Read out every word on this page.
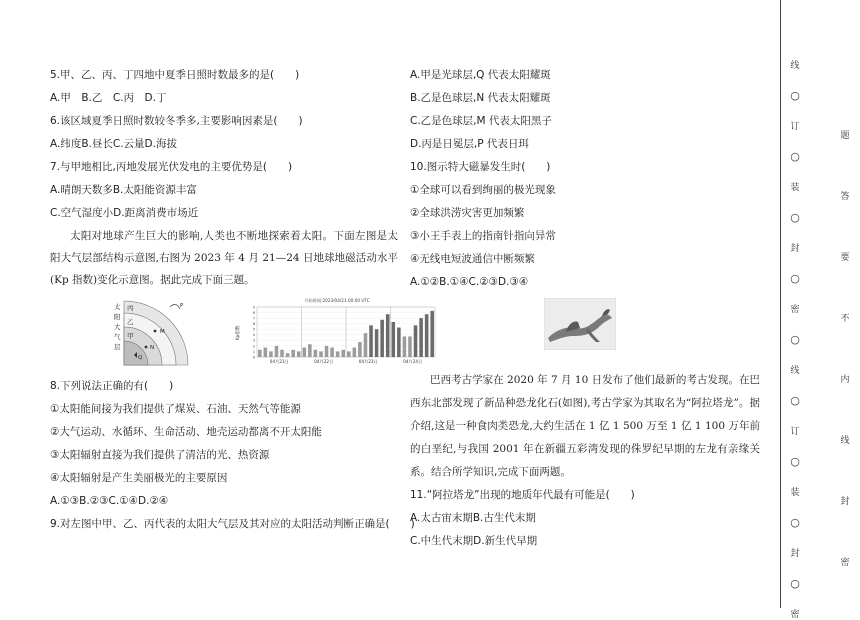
5.甲、乙、丙、丁四地中夏季日照时数最多的是(　　)
A.甲　B.乙　C.丙　D.丁
6.该区域夏季日照时数较冬季多,主要影响因素是(　　)
A.纬度B.昼长C.云量D.海拔
7.与甲地相比,丙地发展光伏发电的主要优势是(　　)
A.晴朗天数多B.太阳能资源丰富
C.空气湿度小D.距离消费市场近
太阳对地球产生巨大的影响,人类也不断地探索着太阳。下面左图是太阳大气层部结构示意图,右图为 2023 年 4 月 21—24 日地球地磁活动水平(Kp 指数)变化示意图。据此完成下面三题。
太
阳
大
气
层
丙
乙
甲
P
M
N
Q
开始时间:2023/04/21 00:00 UTC
Kp指数
9
8
7
6
5
4
3
2
1
0
04月21日	04月22日	04月23日	04月24日
8.下列说法正确的有(　　)
①太阳能间接为我们提供了煤炭、石油、天然气等能源
②大气运动、水循环、生命活动、地壳运动都离不开太阳能
③太阳辐射直接为我们提供了清洁的光、热资源
④太阳辐射是产生美丽极光的主要原因
A.①③B.②③C.①④D.②④
9.对左图中甲、乙、丙代表的太阳大气层及其对应的太阳活动判断正确是(　　)
A.甲是光球层,Q 代表太阳耀斑
B.乙是色球层,N 代表太阳耀斑
C.乙是色球层,M 代表太阳黑子
D.丙是日冕层,P 代表日珥
10.图示特大磁暴发生时(　　)
①全球可以看到绚丽的极光现象
②全球洪涝灾害更加频繁
③小王手表上的指南针指向异常
④无线电短波通信中断频繁
A.①②B.①④C.②③D.③④
巴西考古学家在 2020 年 7 月 10 日发布了他们最新的考古发现。在巴西东北部发现了新品种恐龙化石(如图),考古学家为其取名为“阿拉塔龙”。据介绍,这是一种食肉类恐龙,大约生活在 1 亿 1 500 万至 1 亿 1 100 万年前的白垩纪,与我国 2001 年在新疆五彩湾发现的侏罗纪早期的左龙有亲缘关系。结合所学知识,完成下面两题。
11.“阿拉塔龙”出现的地质年代最有可能是(　　)
A.太古宙末期B.古生代末期
C.中生代末期D.新生代早期
线
○
订
○
装
○
封
○
密
○
线
○
订
○
装
○
封
○
密
题
答
要
不
内
线
封
密
